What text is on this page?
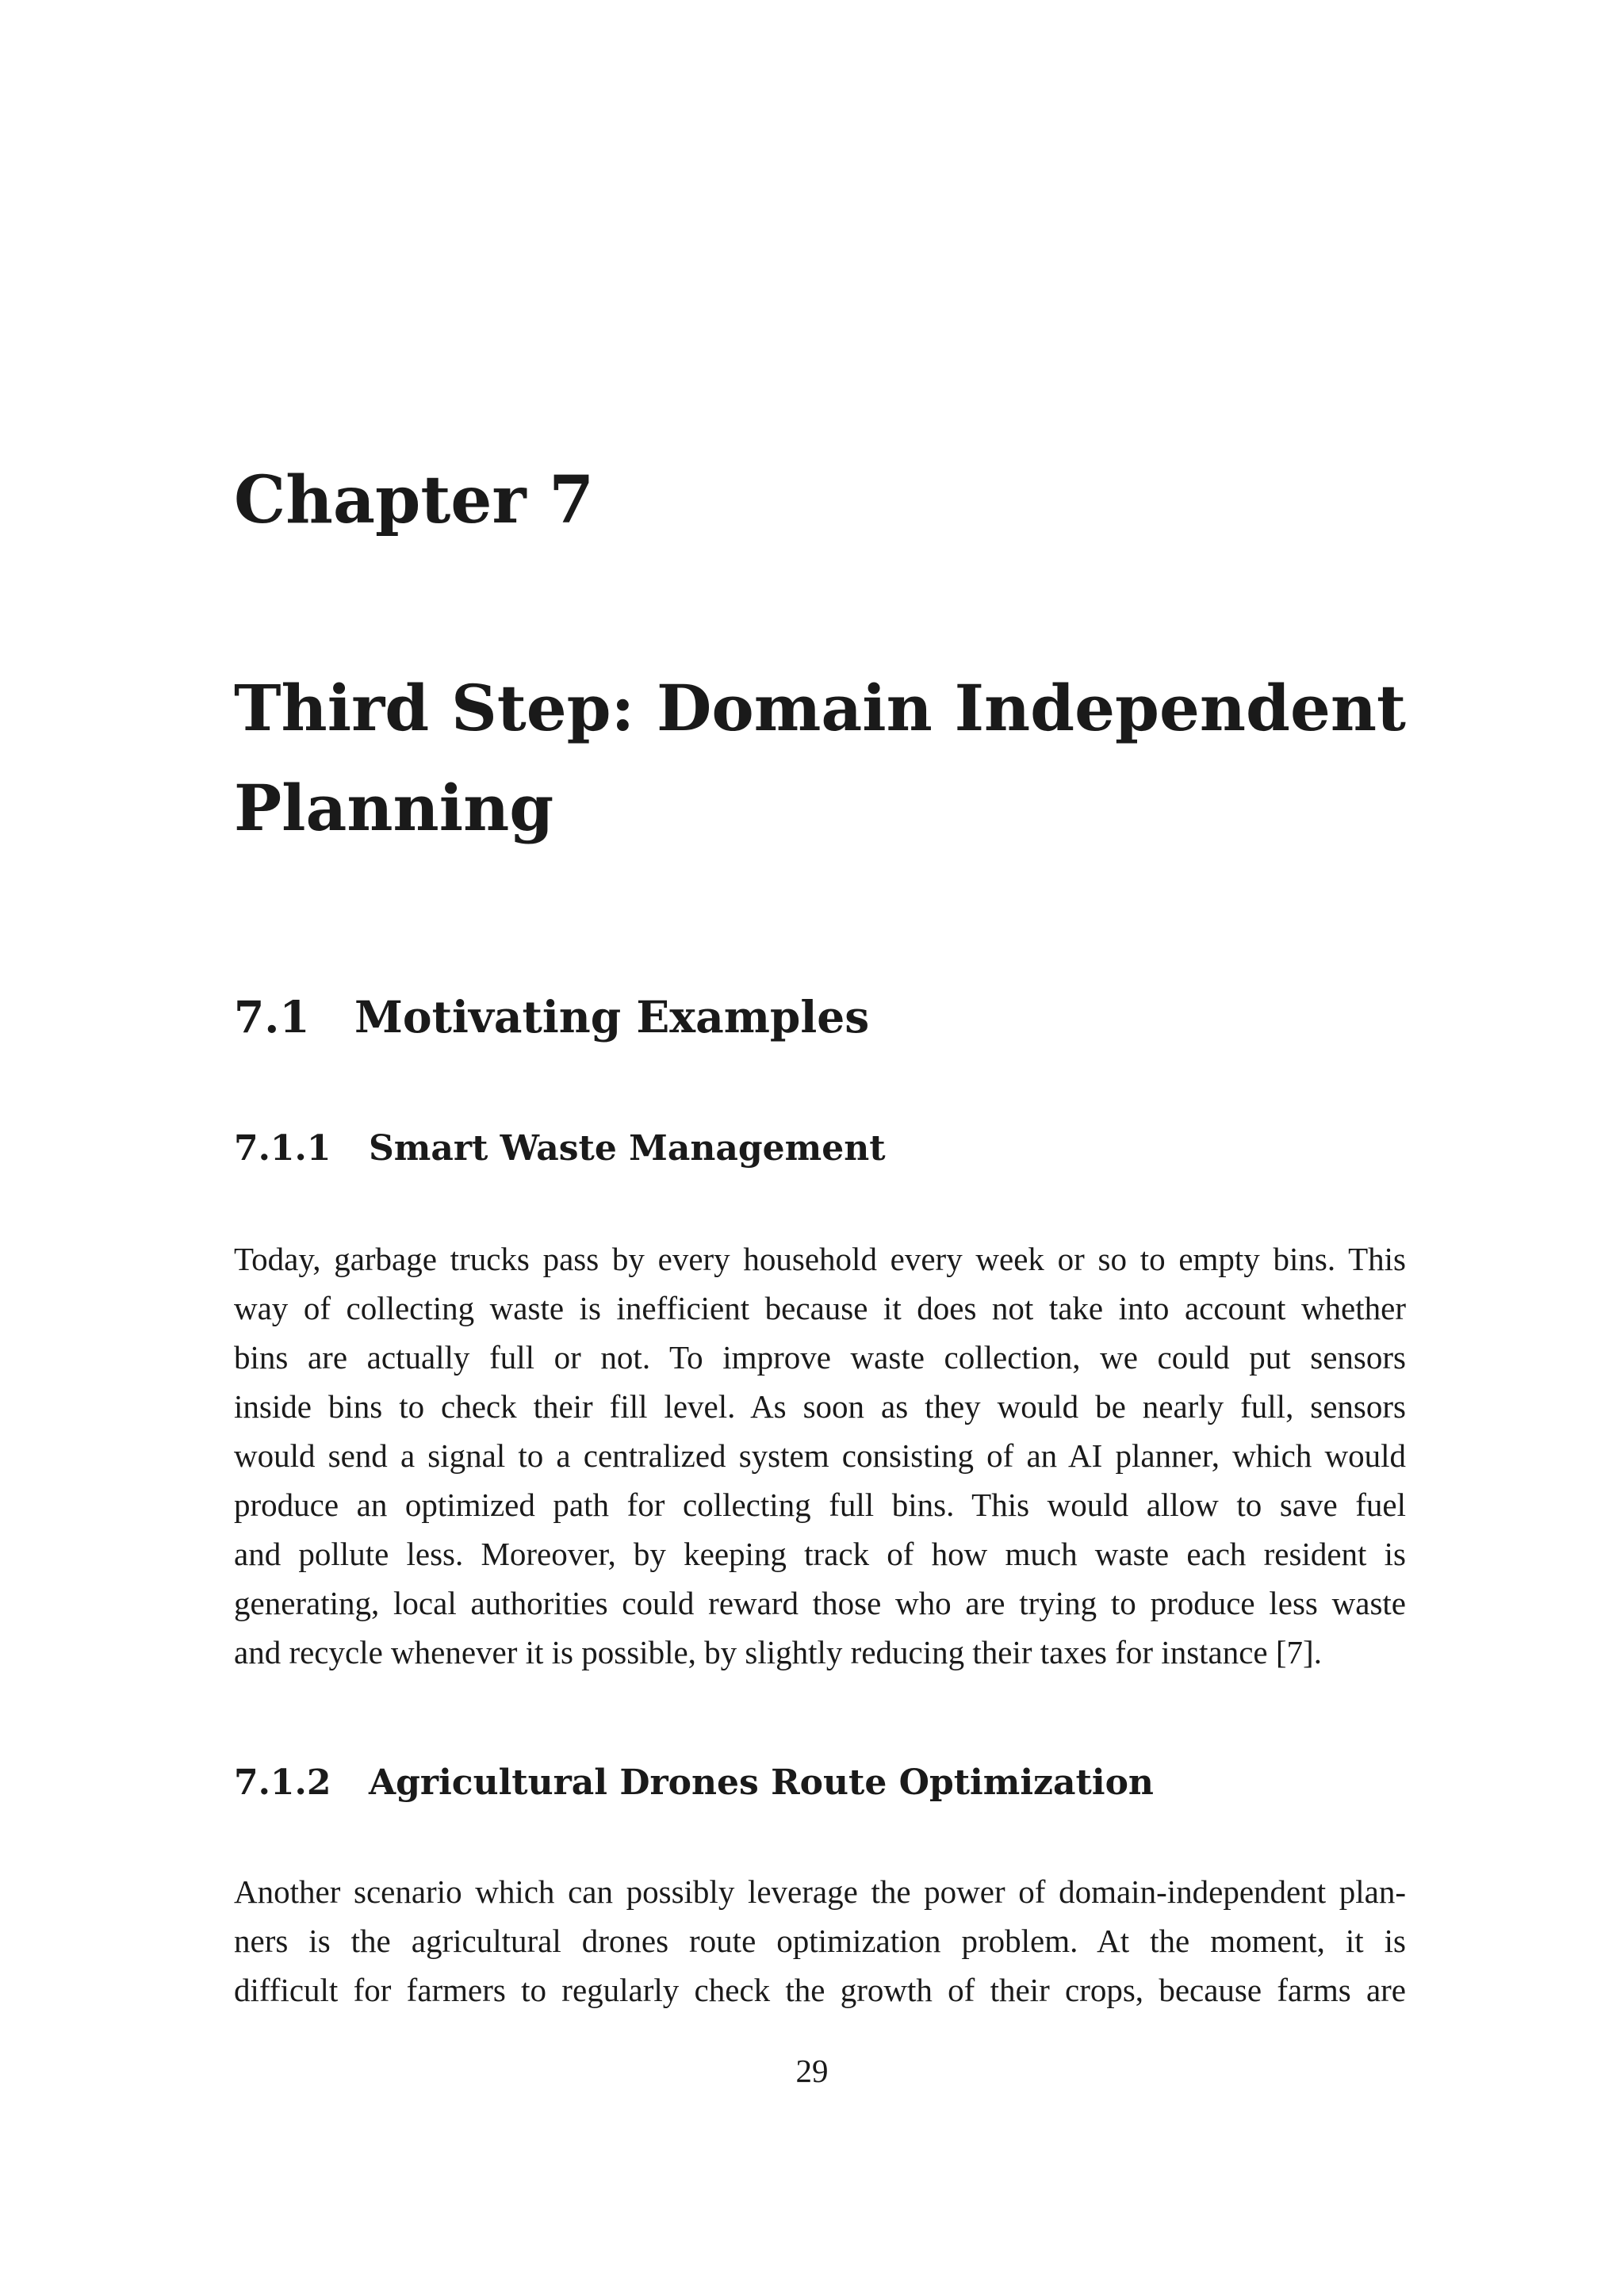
Chapter 7
Third Step: Domain Independent Planning
7.1 Motivating Examples
7.1.1 Smart Waste Management

Today, garbage trucks pass by every household every week or so to empty bins. This
way of collecting waste is inefficient because it does not take into account whether
bins are actually full or not. To improve waste collection, we could put sensors
inside bins to check their fill level. As soon as they would be nearly full, sensors
would send a signal to a centralized system consisting of an AI planner, which would
produce an optimized path for collecting full bins. This would allow to save fuel
and pollute less. Moreover, by keeping track of how much waste each resident is
generating, local authorities could reward those who are trying to produce less waste
and recycle whenever it is possible, by slightly reducing their taxes for instance [7].

7.1.2 Agricultural Drones Route Optimization

Another scenario which can possibly leverage the power of domain-independent plan-
ners is the agricultural drones route optimization problem. At the moment, it is
difficult for farmers to regularly check the growth of their crops, because farms are

29
